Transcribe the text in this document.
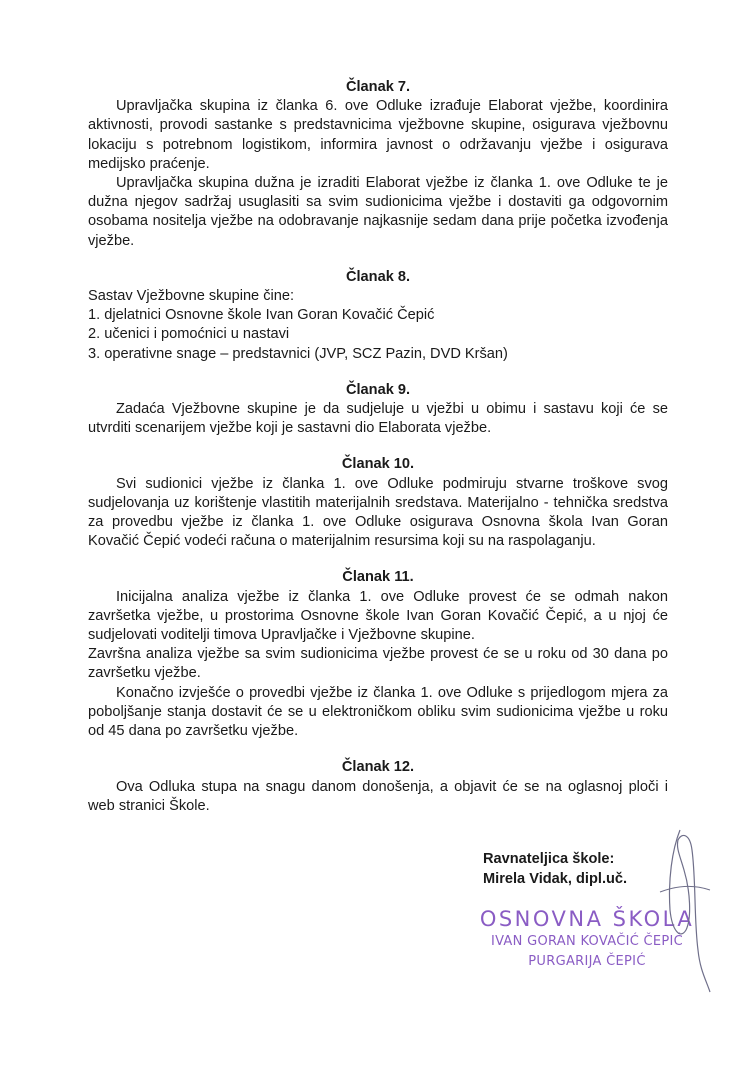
Članak 7.

Upravljačka skupina iz članka 6. ove Odluke izrađuje Elaborat vježbe, koordinira aktivnosti, provodi sastanke s predstavnicima vježbovne skupine, osigurava vježbovnu lokaciju s potrebnom logistikom, informira javnost o održavanju vježbe i osigurava medijsko praćenje.

Upravljačka skupina dužna je izraditi Elaborat vježbe iz članka 1. ove Odluke te je dužna njegov sadržaj usuglasiti sa svim sudionicima vježbe i dostaviti ga odgovornim osobama nositelja vježbe na odobravanje najkasnije sedam dana prije početka izvođenja vježbe.

Članak 8.

Sastav Vježbovne skupine čine:

1. djelatnici Osnovne škole Ivan Goran Kovačić Čepić
2. učenici i pomoćnici u nastavi
3. operativne snage – predstavnici (JVP, SCZ Pazin, DVD Kršan)
Članak 9.

Zadaća Vježbovne skupine je da sudjeluje u vježbi u obimu i sastavu koji će se utvrditi scenarijem vježbe koji je sastavni dio Elaborata vježbe.

Članak 10.

Svi sudionici vježbe iz članka 1. ove Odluke podmiruju stvarne troškove svog sudjelovanja uz korištenje vlastitih materijalnih sredstava. Materijalno - tehnička sredstva za provedbu vježbe iz članka 1. ove Odluke osigurava Osnovna škola Ivan Goran Kovačić Čepić vodeći računa o materijalnim resursima koji su na raspolaganju.

Članak 11.

Inicijalna analiza vježbe iz članka 1. ove Odluke provest će se odmah nakon završetka vježbe, u prostorima Osnovne škole Ivan Goran Kovačić Čepić, a u njoj će sudjelovati voditelji timova Upravljačke i Vježbovne skupine.

Završna analiza vježbe sa svim sudionicima vježbe provest će se u roku od 30 dana po završetku vježbe.

Konačno izvješće o provedbi vježbe iz članka 1. ove Odluke s prijedlogom mjera za poboljšanje stanja dostavit će se u elektroničkom obliku svim sudionicima vježbe u roku od 45 dana po završetku vježbe.

Članak 12.

Ova Odluka stupa na snagu danom donošenja, a objavit će se na oglasnoj ploči i web stranici Škole.

Ravnateljica škole:
Mirela Vidak, dipl.uč.
OSNOVNA ŠKOLA
IVAN GORAN KOVAČIĆ ČEPIĆ
PURGARIJA ČEPIĆ
